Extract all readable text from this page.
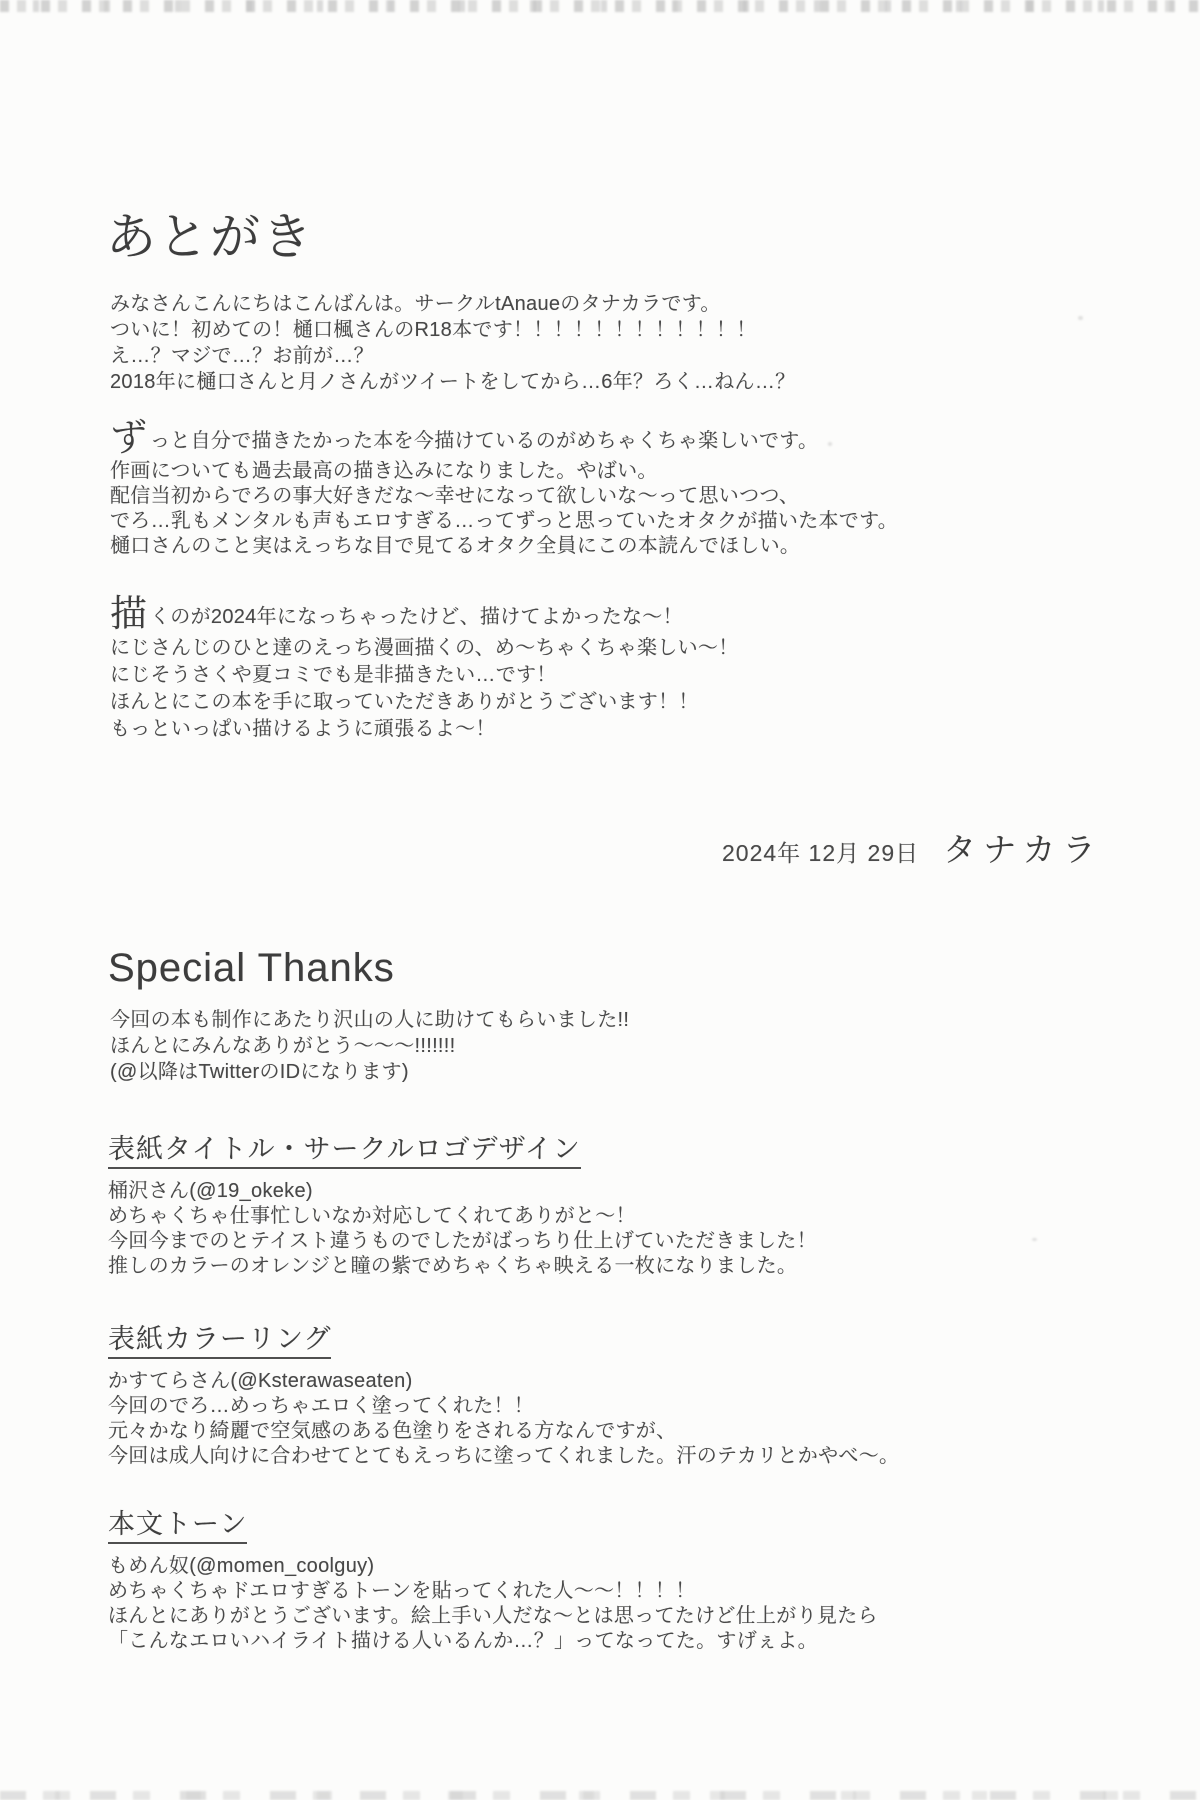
あとがき
みなさんこんにちはこんばんは。サークルtAnaueのタナカラです。
ついに！初めての！樋口楓さんのR18本です！！！！！！！！！！！！
え…？マジで…？お前が…？
2018年に樋口さんと月ノさんがツイートをしてから…6年？ろく…ねん…？
ずっと自分で描きたかった本を今描けているのがめちゃくちゃ楽しいです。
作画についても過去最高の描き込みになりました。やばい。
配信当初からでろの事大好きだな～幸せになって欲しいな～って思いつつ、
でろ…乳もメンタルも声もエロすぎる…ってずっと思っていたオタクが描いた本です。
樋口さんのこと実はえっちな目で見てるオタク全員にこの本読んでほしい。
描くのが2024年になっちゃったけど、描けてよかったな～！
にじさんじのひと達のえっち漫画描くの、め～ちゃくちゃ楽しい～！
にじそうさくや夏コミでも是非描きたい…です！
ほんとにこの本を手に取っていただきありがとうございます！！
もっといっぱい描けるように頑張るよ～！
2024年 12月 29日 タナカラ
Special Thanks
今回の本も制作にあたり沢山の人に助けてもらいました!!
ほんとにみんなありがとう～～～!!!!!!!
(@以降はTwitterのIDになります)
表紙タイトル・サークルロゴデザイン
桶沢さん(@19_okeke)
めちゃくちゃ仕事忙しいなか対応してくれてありがと～！
今回今までのとテイスト違うものでしたがばっちり仕上げていただきました！
推しのカラーのオレンジと瞳の紫でめちゃくちゃ映える一枚になりました。
表紙カラーリング
かすてらさん(@Ksterawaseaten)
今回のでろ…めっちゃエロく塗ってくれた！！
元々かなり綺麗で空気感のある色塗りをされる方なんですが、
今回は成人向けに合わせてとてもえっちに塗ってくれました。汗のテカリとかやべ～。
本文トーン
もめん奴(@momen_coolguy)
めちゃくちゃドエロすぎるトーンを貼ってくれた人～～！！！！
ほんとにありがとうございます。絵上手い人だな～とは思ってたけど仕上がり見たら
「こんなエロいハイライト描ける人いるんか…？」ってなってた。すげぇよ。
